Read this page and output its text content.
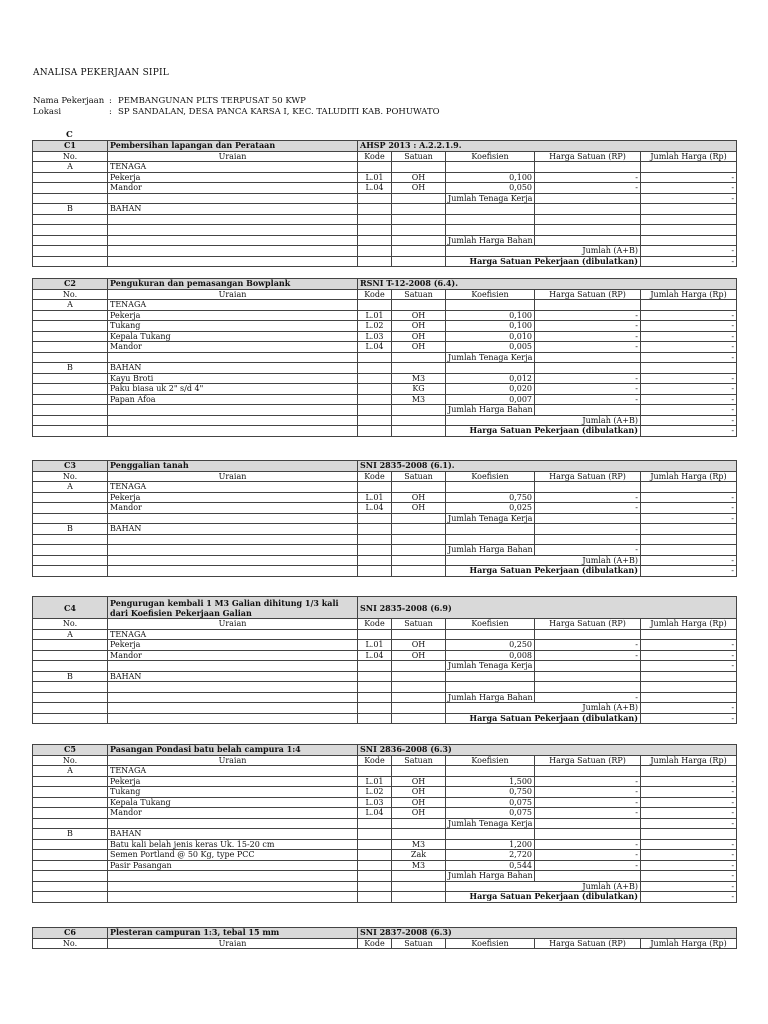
ANALISA PEKERJAAN SIPIL
Nama Pekerjaan : PEMBANGUNAN PLTS TERPUSAT 50 KWP
Lokasi	: SP SANDALAN, DESA PANCA KARSA I, KEC. TALUDITI KAB. POHUWATO
C
C1	Pembersihan lapangan dan Perataan	AHSP 2013 : A.2.2.1.9.				
No.	Uraian	Kode	Satuan	Koefisien	Harga Satuan (RP)	Jumlah Harga (Rp)
A	TENAGA					
	Pekerja	L.01	OH	0,100	-	-
	Mandor	L.04	OH	0,050	-	-
				Jumlah Tenaga Kerja		-
B	BAHAN					

				Jumlah Harga Bahan		
				Jumlah (A+B)		-
				Harga Satuan Pekerjaan (dibulatkan)		-
C2	Pengukuran dan pemasangan Bowplank	RSNI T-12-2008 (6.4).				
No.	Uraian	Kode	Satuan	Koefisien	Harga Satuan (RP)	Jumlah Harga (Rp)
A	TENAGA					
	Pekerja	L.01	OH	0,100	-	-
	Tukang	L.02	OH	0,100	-	-
	Kepala Tukang	L.03	OH	0,010	-	-
	Mandor	L.04	OH	0,005	-	-
				Jumlah Tenaga Kerja		-
B	BAHAN					
	Kayu Broti		M3	0,012	-	-
	Paku biasa uk 2" s/d 4"		KG	0,020	-	-
	Papan Afoa		M3	0,007	-	-
				Jumlah Harga Bahan		-
				Jumlah (A+B)		-
				Harga Satuan Pekerjaan (dibulatkan)		-
C3	Penggalian tanah	SNI 2835-2008 (6.1).				
No.	Uraian	Kode	Satuan	Koefisien	Harga Satuan (RP)	Jumlah Harga (Rp)
A	TENAGA					
	Pekerja	L.01	OH	0,750	-	-
	Mandor	L.04	OH	0,025	-	-
				Jumlah Tenaga Kerja		-
B	BAHAN					

				Jumlah Harga Bahan	-	
				Jumlah (A+B)		-
				Harga Satuan Pekerjaan (dibulatkan)		-
C4	Pengurugan kembali 1 M3 Galian dihitung 1/3 kali dari Koefisien Pekerjaan Galian	SNI 2835-2008 (6.9)				
No.	Uraian	Kode	Satuan	Koefisien	Harga Satuan (RP)	Jumlah Harga (Rp)
A	TENAGA					
	Pekerja	L.01	OH	0,250	-	-
	Mandor	L.04	OH	0,008	-	-
				Jumlah Tenaga Kerja		-
B	BAHAN					

				Jumlah Harga Bahan	-	
				Jumlah (A+B)		-
				Harga Satuan Pekerjaan (dibulatkan)		-
C5	Pasangan Pondasi batu belah campura 1:4	SNI 2836-2008 (6.3)				
No.	Uraian	Kode	Satuan	Koefisien	Harga Satuan (RP)	Jumlah Harga (Rp)
A	TENAGA					
	Pekerja	L.01	OH	1,500	-	-
	Tukang	L.02	OH	0,750	-	-
	Kepala Tukang	L.03	OH	0,075	-	-
	Mandor	L.04	OH	0,075	-	-
				Jumlah Tenaga Kerja		-
B	BAHAN					
	Batu kali belah jenis keras Uk. 15-20 cm		M3	1,200	-	-
	Semen Portland @ 50 Kg, type PCC		Zak	2,720	-	-
	Pasir Pasangan		M3	0,544	-	-
				Jumlah Harga Bahan		-
				Jumlah (A+B)		-
				Harga Satuan Pekerjaan (dibulatkan)		-
C6	Plesteran campuran 1:3, tebal 15 mm	SNI 2837-2008 (6.3)				
No.	Uraian	Kode	Satuan	Koefisien	Harga Satuan (RP)	Jumlah Harga (Rp)
